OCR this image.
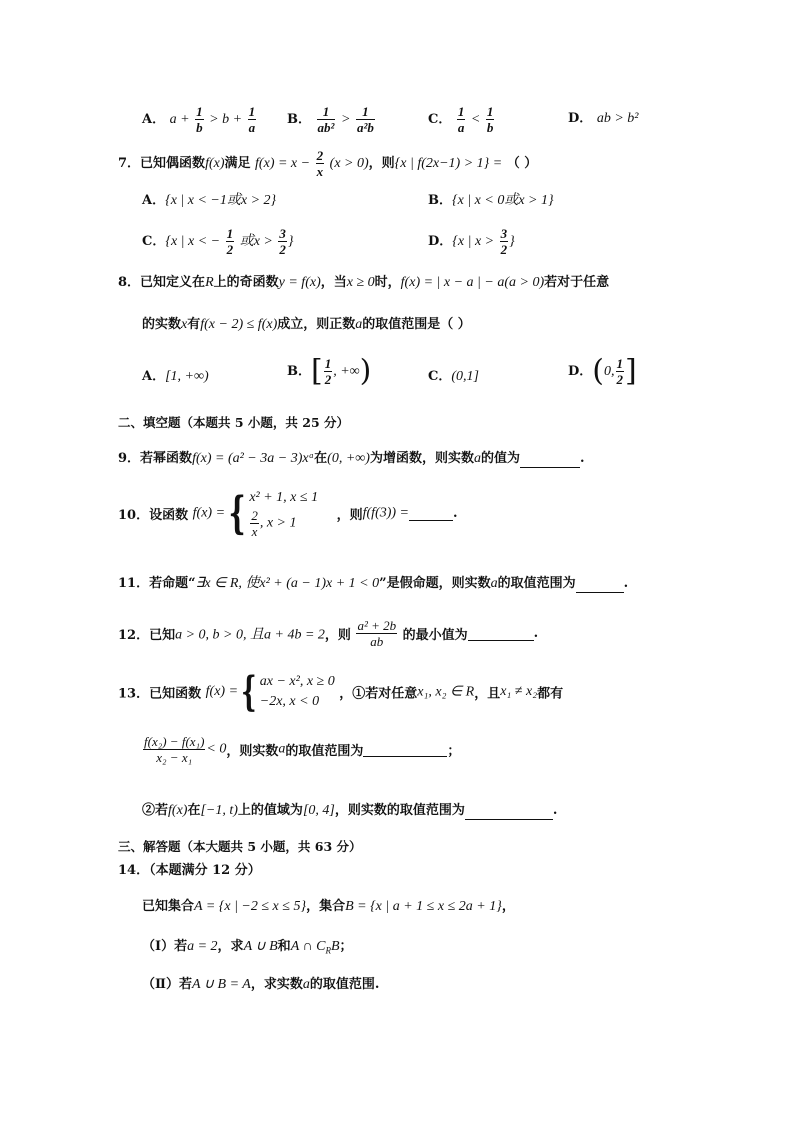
A． $a + \frac{1}{b} > b + \frac{1}{a}$ B． $\frac{1}{\text{ab²}} > \frac{1}{\text{a²b}}$	C． $\frac{1}{a} < \frac{1}{b}$	D． ab > b²
7．已知偶函数f(x)满足 $f(x) = x - \frac{2}{x} (x > 0)$，则{x | f(2x−1) > 1} = （ ）
A．{x | x < −1或x > 2}	B．{x | x < 0或x > 1}
C．{x | x < − $\frac{1}{2}$ 或$x > \frac{3}{2}$ }	D．{x | $x > \frac{3}{2}$ }
8．已知定义在R上的奇函数y = f(x)，当x ≥ 0时，f(x) = | x − a | − a(a > 0)若对于任意
的实数x有f(x − 2) ≤ f(x)成立，则正数a的取值范围是（ ）
A．[1, +∞)	B．[ $\frac{1}{2}$ , +∞)	C．(0,1]	D．(0, $\frac{1}{2}$ ]
二、填空题（本题共 5 小题，共 25 分）
9．若幂函数f(x) = (a² − 3a − 3)xᵃ在(0, +∞)为增函数，则实数a的值为	.
10．设函数 f(x) ={ x² + 1, x ≤ 1
$\frac{2}{x}$ , x > 1
，则f(f(3)) =	.
11．若命题“∃x ∈ R, 使x² + (a − 1)x + 1 < 0”是假命题，则实数a的取值范围为	.
12．已知a > 0, b > 0, 且a + 4b = 2，则 $\frac{\text{a² + 2b}}{ab}$ 的最小值为	.
13．已知函数 f(x) ={ ax − x², x ≥ 0
−2x, x < 0	，①若对任意x₁, x₂ ∈ R，且x₁ ≠ x₂都有
$\frac{\text{f(x₂) − f(x₁)}}{\text{x₂ − x₁}} < 0$，则实数a的取值范围为	；
②若f(x)在[−1, t)上的值域为[0, 4]，则实数的取值范围为	.
三、解答题（本大题共 5 小题，共 63 分）
14．（本题满分 12 分）
已知集合A = {x | −2 ≤ x ≤ 5}，集合B = {x | a + 1 ≤ x ≤ 2a + 1}，
（Ⅰ）若a = 2，求A ∪ B和A ∩ $C_RB$；
（Ⅱ）若A ∪ B = A，求实数a的取值范围.
